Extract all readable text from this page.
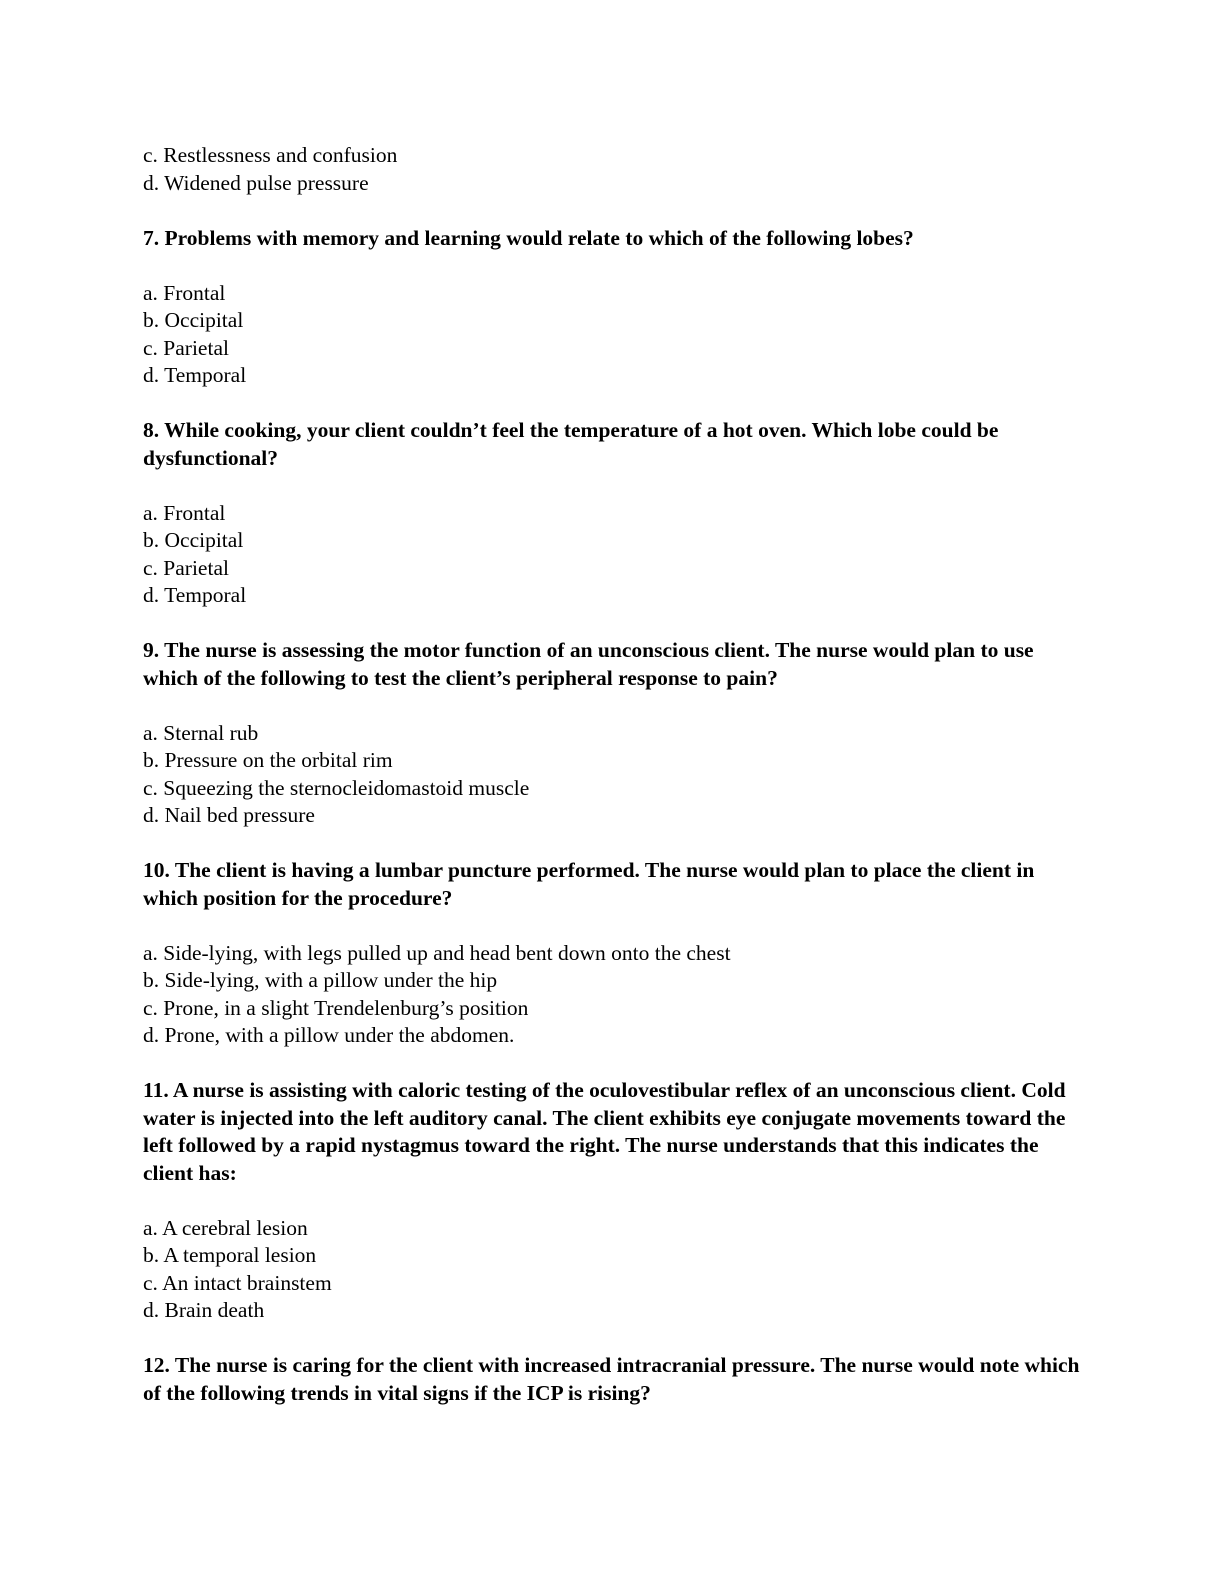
c. Restlessness and confusion
d. Widened pulse pressure

7. Problems with memory and learning would relate to which of the following lobes?

a. Frontal
b. Occipital
c. Parietal
d. Temporal

8. While cooking, your client couldn’t feel the temperature of a hot oven. Which lobe could be dysfunctional?

a. Frontal
b. Occipital
c. Parietal
d. Temporal

9. The nurse is assessing the motor function of an unconscious client. The nurse would plan to use which of the following to test the client’s peripheral response to pain?

a. Sternal rub
b. Pressure on the orbital rim
c. Squeezing the sternocleidomastoid muscle
d. Nail bed pressure

10. The client is having a lumbar puncture performed. The nurse would plan to place the client in which position for the procedure?

a. Side-lying, with legs pulled up and head bent down onto the chest
b. Side-lying, with a pillow under the hip
c. Prone, in a slight Trendelenburg’s position
d. Prone, with a pillow under the abdomen.

11. A nurse is assisting with caloric testing of the oculovestibular reflex of an unconscious client. Cold water is injected into the left auditory canal. The client exhibits eye conjugate movements toward the left followed by a rapid nystagmus toward the right. The nurse understands that this indicates the client has:

a. A cerebral lesion
b. A temporal lesion
c. An intact brainstem
d. Brain death

12. The nurse is caring for the client with increased intracranial pressure. The nurse would note which of the following trends in vital signs if the ICP is rising?
